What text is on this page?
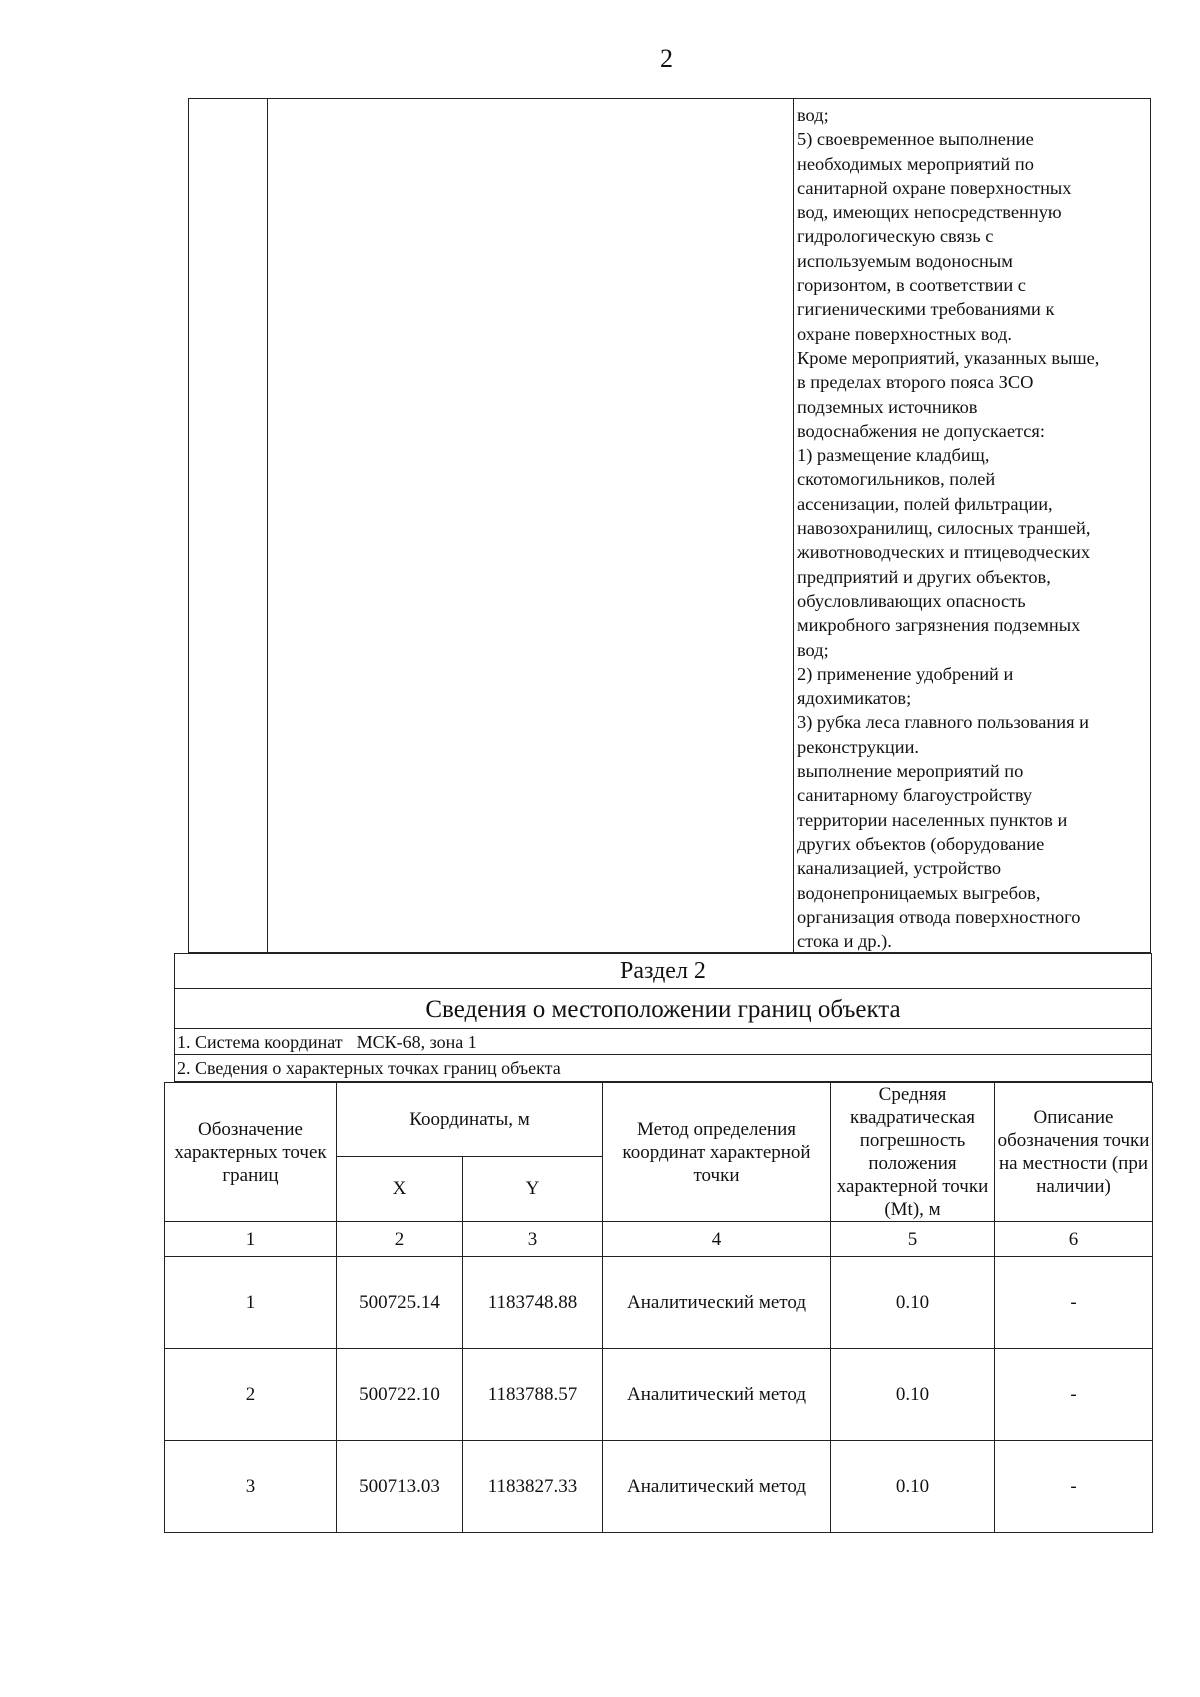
2
вод;
5) своевременное выполнение
необходимых мероприятий по
санитарной охране поверхностных
вод, имеющих непосредственную
гидрологическую связь с
используемым водоносным
горизонтом, в соответствии с
гигиеническими требованиями к
охране поверхностных вод.
Кроме мероприятий, указанных выше,
в пределах второго пояса ЗСО
подземных источников
водоснабжения не допускается:
1) размещение кладбищ,
скотомогильников, полей
ассенизации, полей фильтрации,
навозохранилищ, силосных траншей,
животноводческих и птицеводческих
предприятий и других объектов,
обусловливающих опасность
микробного загрязнения подземных
вод;
2) применение удобрений и
ядохимикатов;
3) рубка леса главного пользования и
реконструкции.
выполнение мероприятий по
санитарному благоустройству
территории населенных пунктов и
других объектов (оборудование
канализацией, устройство
водонепроницаемых выгребов,
организация отвода поверхностного
стока и др.).
Раздел 2
Сведения о местоположении границ объекта
1. Система координат МСК-68, зона 1
2. Сведения о характерных точках границ объекта
Обозначение характерных точек границ	Координаты, м		Метод определения координат характерной точки	Средняя квадратическая погрешность положения характерной точки (Mt), м	Описание обозначения точки на местности (при наличии)
	X	Y			
1	2	3	4	5	6
1	500725.14	1183748.88	Аналитический метод	0.10	-
2	500722.10	1183788.57	Аналитический метод	0.10	-
3	500713.03	1183827.33	Аналитический метод	0.10	-
